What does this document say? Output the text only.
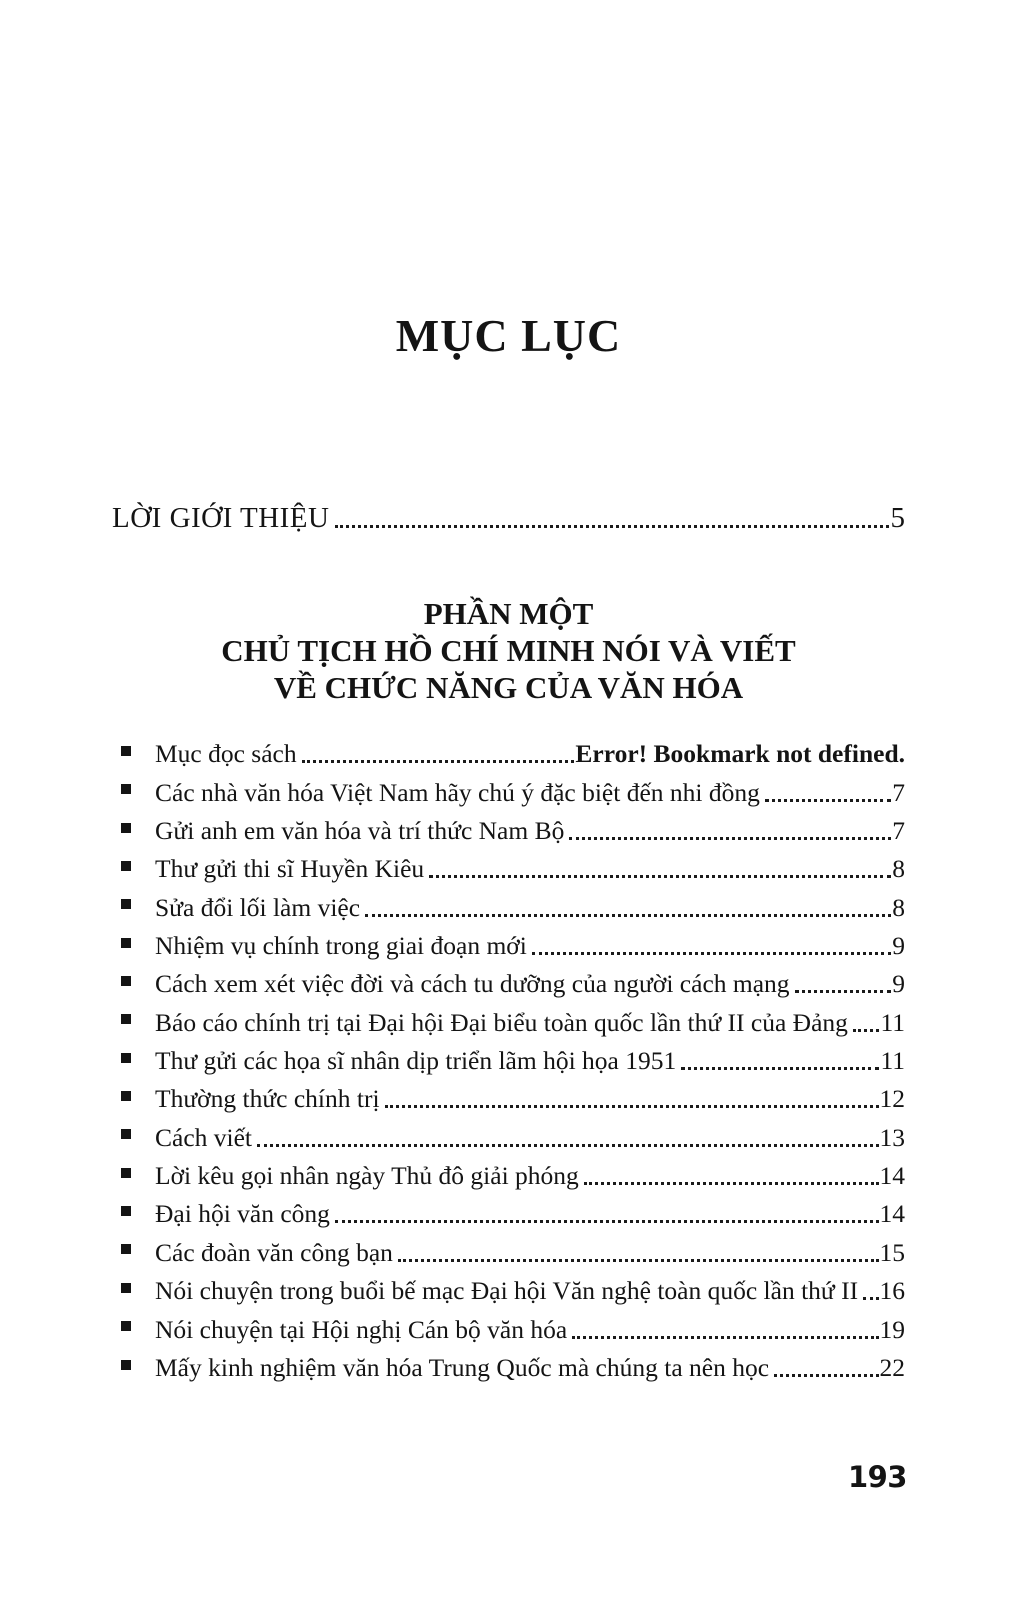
MỤC LỤC
LỜI GIỚI THIỆU	5
PHẦN MỘT
CHỦ TỊCH HỒ CHÍ MINH NÓI VÀ VIẾT
VỀ CHỨC NĂNG CỦA VĂN HÓA
Mục đọc sách	Error! Bookmark not defined.
Các nhà văn hóa Việt Nam hãy chú ý đặc biệt đến nhi đồng	7
Gửi anh em văn hóa và trí thức Nam Bộ	7
Thư gửi thi sĩ Huyền Kiêu	8
Sửa đổi lối làm việc	8
Nhiệm vụ chính trong giai đoạn mới	9
Cách xem xét việc đời và cách tu dưỡng của người cách mạng	9
Báo cáo chính trị tại Đại hội Đại biểu toàn quốc lần thứ II của Đảng 11
Thư gửi các họa sĩ nhân dịp triển lãm hội họa 1951	11
Thường thức chính trị	12
Cách viết	13
Lời kêu gọi nhân ngày Thủ đô giải phóng	14
Đại hội văn công	14
Các đoàn văn công bạn	15
Nói chuyện trong buổi bế mạc Đại hội Văn nghệ toàn quốc lần thứ II 16
Nói chuyện tại Hội nghị Cán bộ văn hóa	19
Mấy kinh nghiệm văn hóa Trung Quốc mà chúng ta nên học	22
193
